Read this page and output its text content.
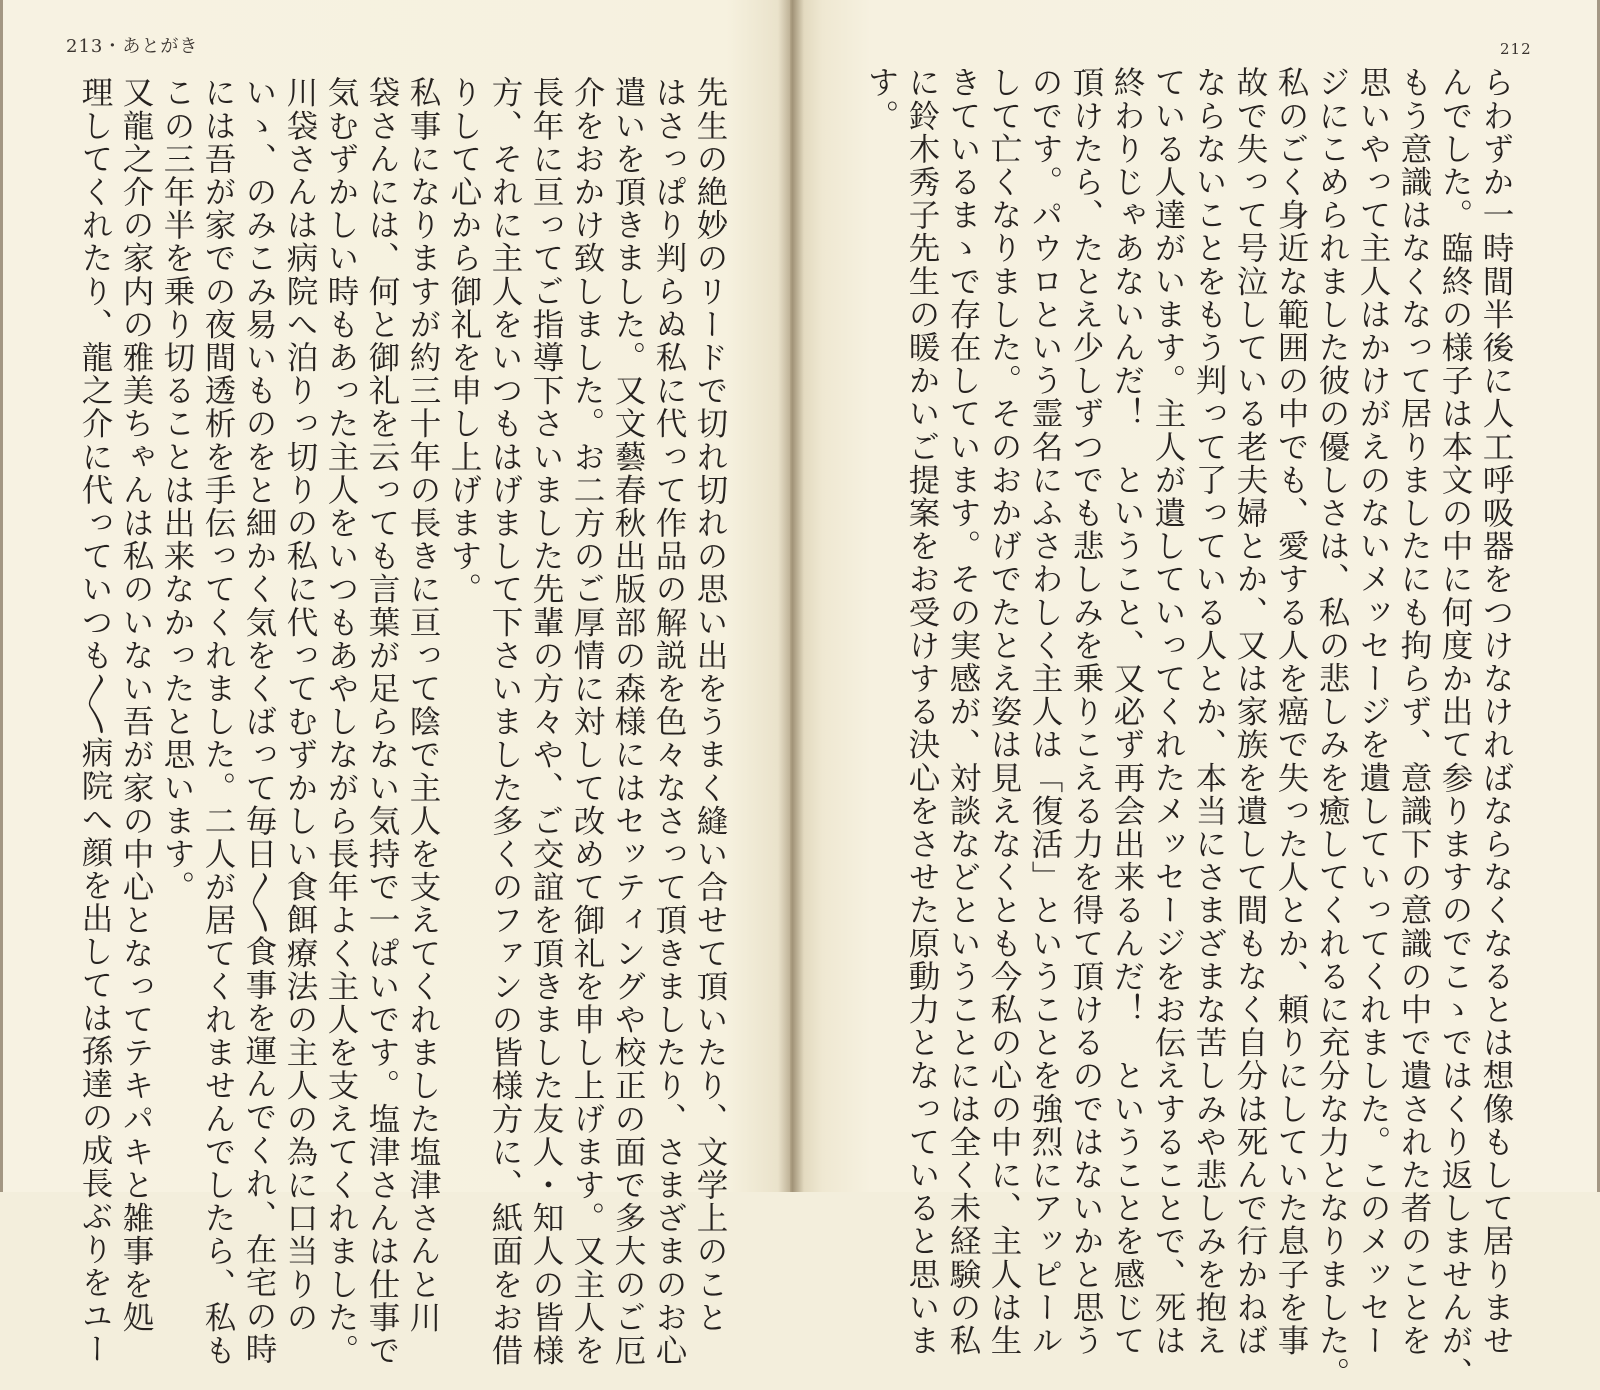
213・あとがき	212
先生の絶妙のリードで切れ切れの思い出をうまく縫い合せて頂いたり、文学上のこと
はさっぱり判らぬ私に代って作品の解説を色々なさって頂きましたり、さまざまのお心
遣いを頂きました。又文藝春秋出版部の森様にはセッティングや校正の面で多大のご厄
介をおかけ致しました。お二方のご厚情に対して改めて御礼を申し上げます。又主人を
長年に亘ってご指導下さいました先輩の方々や、ご交誼を頂きました友人・知人の皆様
方、それに主人をいつもはげまして下さいました多くのファンの皆様方に、紙面をお借
りして心から御礼を申し上げます。
私事になりますが約三十年の長きに亘って陰で主人を支えてくれました塩津さんと川
袋さんには、何と御礼を云っても言葉が足らない気持で一ぱいです。塩津さんは仕事で
気むずかしい時もあった主人をいつもあやしながら長年よく主人を支えてくれました。
川袋さんは病院へ泊りっ切りの私に代ってむずかしい食餌療法の主人の為に口当りの
いゝ、のみこみ易いものをと細かく気をくばって毎日〳〵食事を運んでくれ、在宅の時
には吾が家での夜間透析を手伝ってくれました。二人が居てくれませんでしたら、私も
この三年半を乗り切ることは出来なかったと思います。
又龍之介の家内の雅美ちゃんは私のいない吾が家の中心となってテキパキと雑事を処
理してくれたり、龍之介に代っていつも〳〵病院へ顔を出しては孫達の成長ぶりをユー	らわずか一時間半後に人工呼吸器をつけなければならなくなるとは想像もして居りませ
んでした。臨終の様子は本文の中に何度か出て参りますのでこゝではくり返しませんが、
もう意識はなくなって居りましたにも拘らず、意識下の意識の中で遺された者のことを
思いやって主人はかけがえのないメッセージを遺していってくれました。このメッセー
ジにこめられました彼の優しさは、私の悲しみを癒してくれるに充分な力となりました。
私のごく身近な範囲の中でも、愛する人を癌で失った人とか、頼りにしていた息子を事
故で失って号泣している老夫婦とか、又は家族を遺して間もなく自分は死んで行かねば
ならないことをもう判って了っている人とか、本当にさまざまな苦しみや悲しみを抱え
ている人達がいます。主人が遺していってくれたメッセージをお伝えすることで、死は
終わりじゃあないんだ！　ということ、又必ず再会出来るんだ！　ということを感じて
頂けたら、たとえ少しずつでも悲しみを乗りこえる力を得て頂けるのではないかと思う
のです。パウロという霊名にふさわしく主人は「復活」ということを強烈にアッピール
して亡くなりました。そのおかげでたとえ姿は見えなくとも今私の心の中に、主人は生
きているまゝで存在しています。その実感が、対談などということには全く未経験の私
に鈴木秀子先生の暖かいご提案をお受けする決心をさせた原動力となっていると思いま
す。
